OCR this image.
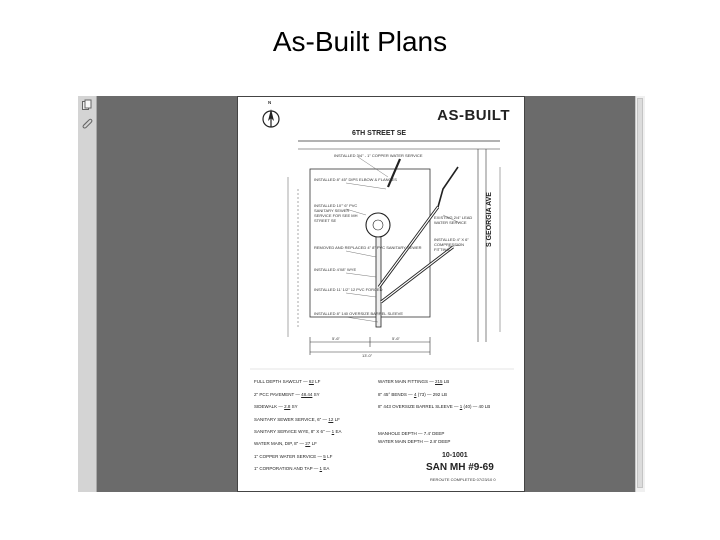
As-Built Plans
AS-BUILT
N
6TH STREET SE
S GEORGIA AVE
INSTALLED 3/4" - 1" COPPER WATER SERVICE
INSTALLED 8" 45° DIPS ELBOW & FLANGES
INSTALLED 10'" 6" PVC SANITARY SEWER SERVICE FOR SEE MH STREET SE
REMOVED AND REPLACED 4" 8" PVC SANITARY SEWER
INSTALLED 4'X8" WYE
INSTALLED 11' 1/2" 12 PVC FORCED
INSTALLED 8" 140 OVERSIZE BARREL SLEEVE
EXISTING 2/4" LEAD WATER SERVICE
INSTALLED 4" X 6" COMPRESSION FITTING
5'-6"	5'-6"
13'-0"
FULL DEPTH SAWCUT — 62 LF
2" PCC PAVEMENT — 48.44 SY
SIDEWALK — 2.8 SY
SANITARY SEWER SERVICE, 6" — 12 LF
SANITARY SERVICE WYE, 8" X 6" — 1 EA
WATER MAIN, DIP, 8" — 27 LF
1" COPPER WATER SERVICE — 5 LF
1" CORPORATION AND TAP — 1 EA
WATER MAIN FITTINGS — 215 LB
8" 45° BENDS — 4 (73) — 292 LB
8" 443 OVERSIZE BARREL SLEEVE — 1 (40) — 40 LB
MANHOLE DEPTH — 7.4' DEEP
WATER MAIN DEPTH — 2.8' DEEP
10-1001
SAN MH #9-69
REROUTE COMPLETED 07/23/10 0
